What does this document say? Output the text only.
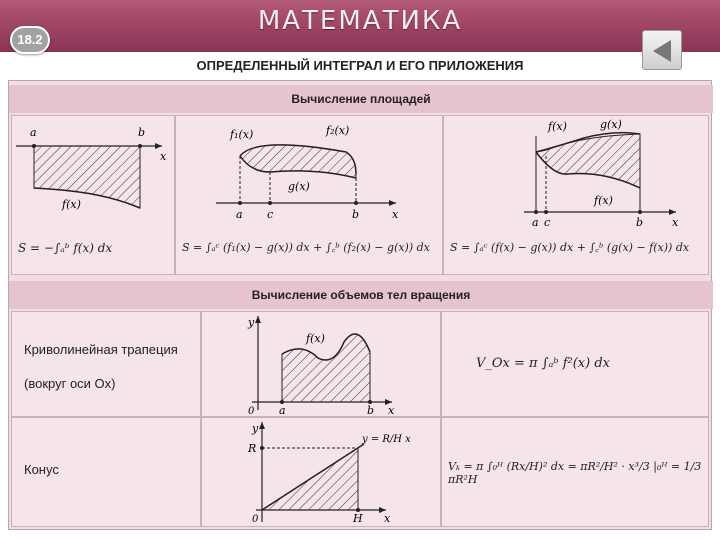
МАТЕМАТИКА
18.2
ОПРЕДЕЛЕННЫЙ ИНТЕГРАЛ И ЕГО ПРИЛОЖЕНИЯ
Вычисление площадей
a	b
x
f(x)
S = −∫ₐᵇ f(x) dx
f₁(x)	f₂(x)
g(x)
a c	b	x
S = ∫ₐᶜ (f₁(x) − g(x)) dx + ∫꜀ᵇ (f₂(x) − g(x)) dx
f(x)	g(x)
f(x)
a c	b	x
S = ∫ₐᶜ (f(x) − g(x)) dx + ∫꜀ᵇ (g(x) − f(x)) dx
Вычисление объемов тел вращения
Криволинейная трапеция
(вокруг оси Ox)
y
f(x)
0 a	b x
V_Ox = π ∫ₐᵇ f²(x) dx
Конус
y
R
y = R/H x
0	H x
Vₖ = π ∫₀ᴴ (Rx/H)² dx = πR²/H² · x³/3 |₀ᴴ = 1/3 πR²H
